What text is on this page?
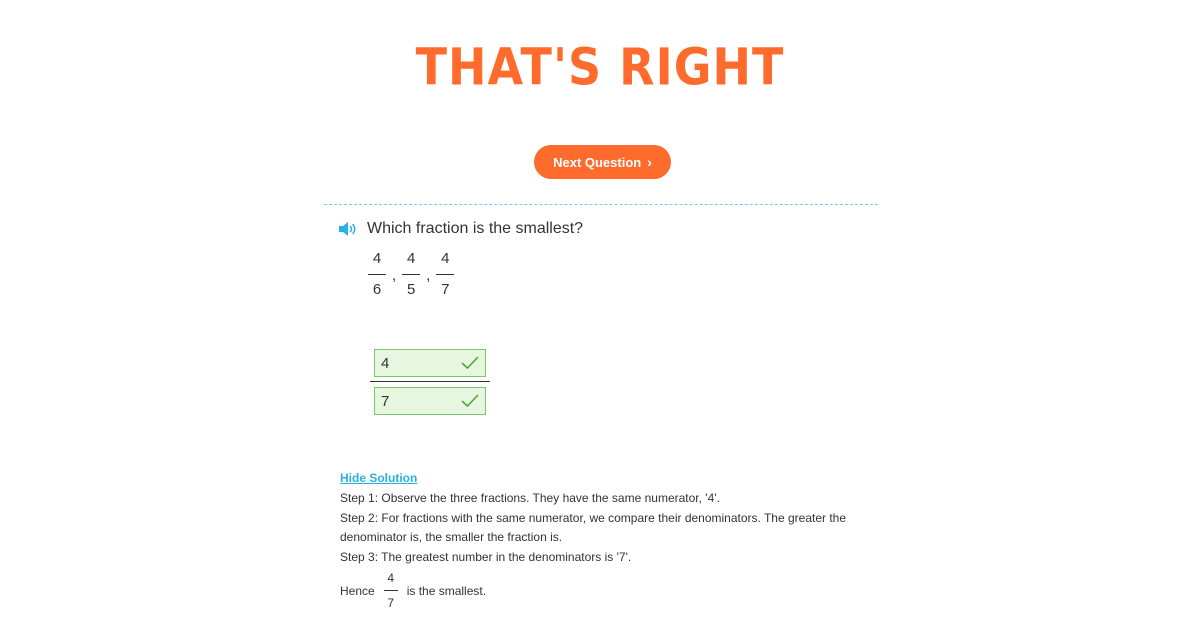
THAT'S RIGHT
Next Question ›
Which fraction is the smallest?
$\frac{4}{6}$ , $\frac{4}{5}$ , $\frac{4}{7}$
4
7
Hide Solution

Step 1: Observe the three fractions. They have the same numerator, '4'.

Step 2: For fractions with the same numerator, we compare their denominators. The greater the denominator is, the smaller the fraction is.

Step 3: The greatest number in the denominators is '7'.

Hence $\frac{4}{7}$ is the smallest.
